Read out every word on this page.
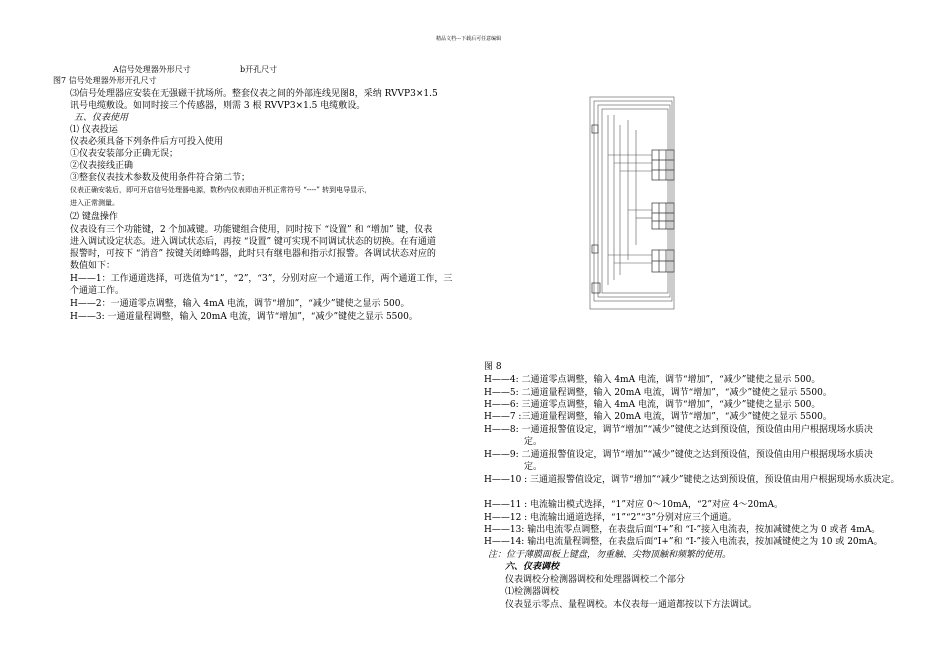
精品文档---下载后可任意编辑
A信号处理器外形尺寸	b开孔尺寸
图7 信号处理器外形开孔尺寸
⑶信号处理器应安装在无强磁干扰场所。整套仪表之间的外部连线见图8，采纳 RVVP3×1.5
讯号电缆敷设。如同时接三个传感器，则需 3 根 RVVP3×1.5 电缆敷设。
五、仪表使用
⑴ 仪表投运
仪表必须具备下列条件后方可投入使用
①仪表安装部分正确无误；
②仪表接线正确
③整套仪表技术参数及使用条件符合第二节；
仪表正确安装后，即可开启信号处理器电源，数秒内仪表即由开机正常符号 “----” 转到电导显示，
进入正常测量。
⑵ 键盘操作
仪表设有三个功能键，2 个加减键。功能键组合使用，同时按下 “设置” 和 “增加” 键，仪表
进入调试设定状态。进入调试状态后，再按 “设置” 键可实现不同调试状态的切换。在有通道
报警时，可按下 “消音” 按键关闭蜂鸣器，此时只有继电器和指示灯报警。各调试状态对应的
数值如下：
H——1：工作通道选择，可选值为“1”，“2”，“3”，分别对应一个通道工作，两个通道工作，三
个通道工作。
H——2：一通道零点调整，输入 4mA 电流，调节“增加”，“减少”键使之显示 500。
H——3: 一通道量程调整，输入 20mA 电流，调节“增加”，“减少”键使之显示 5500。
图 8
H——4: 二通道零点调整，输入 4mA 电流，调节“增加”，“减少”键使之显示 500。
H——5: 二通道量程调整，输入 20mA 电流，调节“增加”，“减少”键使之显示 5500。
H——6: 三通道零点调整，输入 4mA 电流，调节“增加”，“减少”键使之显示 500。
H——7 :三通道量程调整，输入 20mA 电流，调节“增加”，“减少”键使之显示 5500。
H——8: 一通道报警值设定，调节“增加”“减少”键使之达到预设值，预设值由用户根据现场水质决
定。
H——9: 二通道报警值设定，调节“增加”“减少”键使之达到预设值，预设值由用户根据现场水质决
定。
H——10 : 三通道报警值设定，调节“增加”“减少”键使之达到预设值，预设值由用户根据现场水质决定。
H——11 : 电流输出模式选择，“1”对应 0～10mA，“2”对应 4～20mA。
H——12 : 电流输出通道选择，“1”“2”“3”分别对应三个通道。
H——13: 输出电流零点调整，在表盘后面“I+”和 “I-”接入电流表，按加减键使之为 0 或者 4mA。
H——14: 输出电流量程调整，在表盘后面“I+”和 “I-”接入电流表，按加减键使之为 10 或 20mA。
注：位于薄膜面板上键盘，勿重触、尖物顶触和频繁的使用。
六、仪表调校
仪表调校分检测器调校和处理器调校二个部分
⑴检测器调校
仪表显示零点、量程调校。本仪表每一通道都按以下方法调试。
